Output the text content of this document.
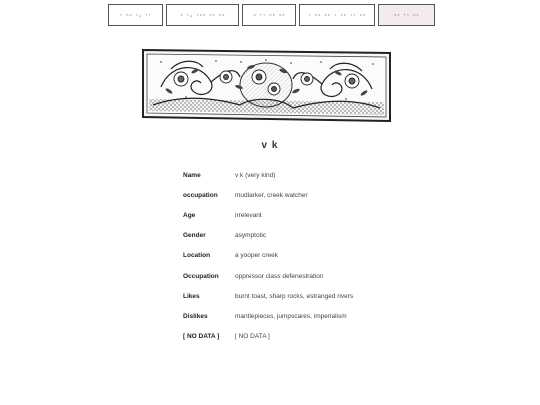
ᵗ ᵐᵐ ᵗᵥ ᵗᵗ	ᵈ ᵗᵥ ᵗᵐᵐ ᵐᵐ ᵐᵐ	ᵈ ᵗᵗ ᵐᵐ ᵐᵐ	ᵗ ᵐᵐ ᵐᵐ ᵗ ᵐᵐ ᵗᵗ ᵐᵐ	ᵐᵐ ᵗᵗ ᵐᵐ
v k
Name	v k (very kind)
occupation	mudlarker, creek watcher
Age	irrelevant
Gender	asymptotic
Location	a yooper creek
Occupation	oppressor class defenestration
Likes	burnt toast, sharp rocks, estranged rivers
Dislikes	mantlepieces, jumpscares, imperialism
[ NO DATA ]	[ NO DATA ]
